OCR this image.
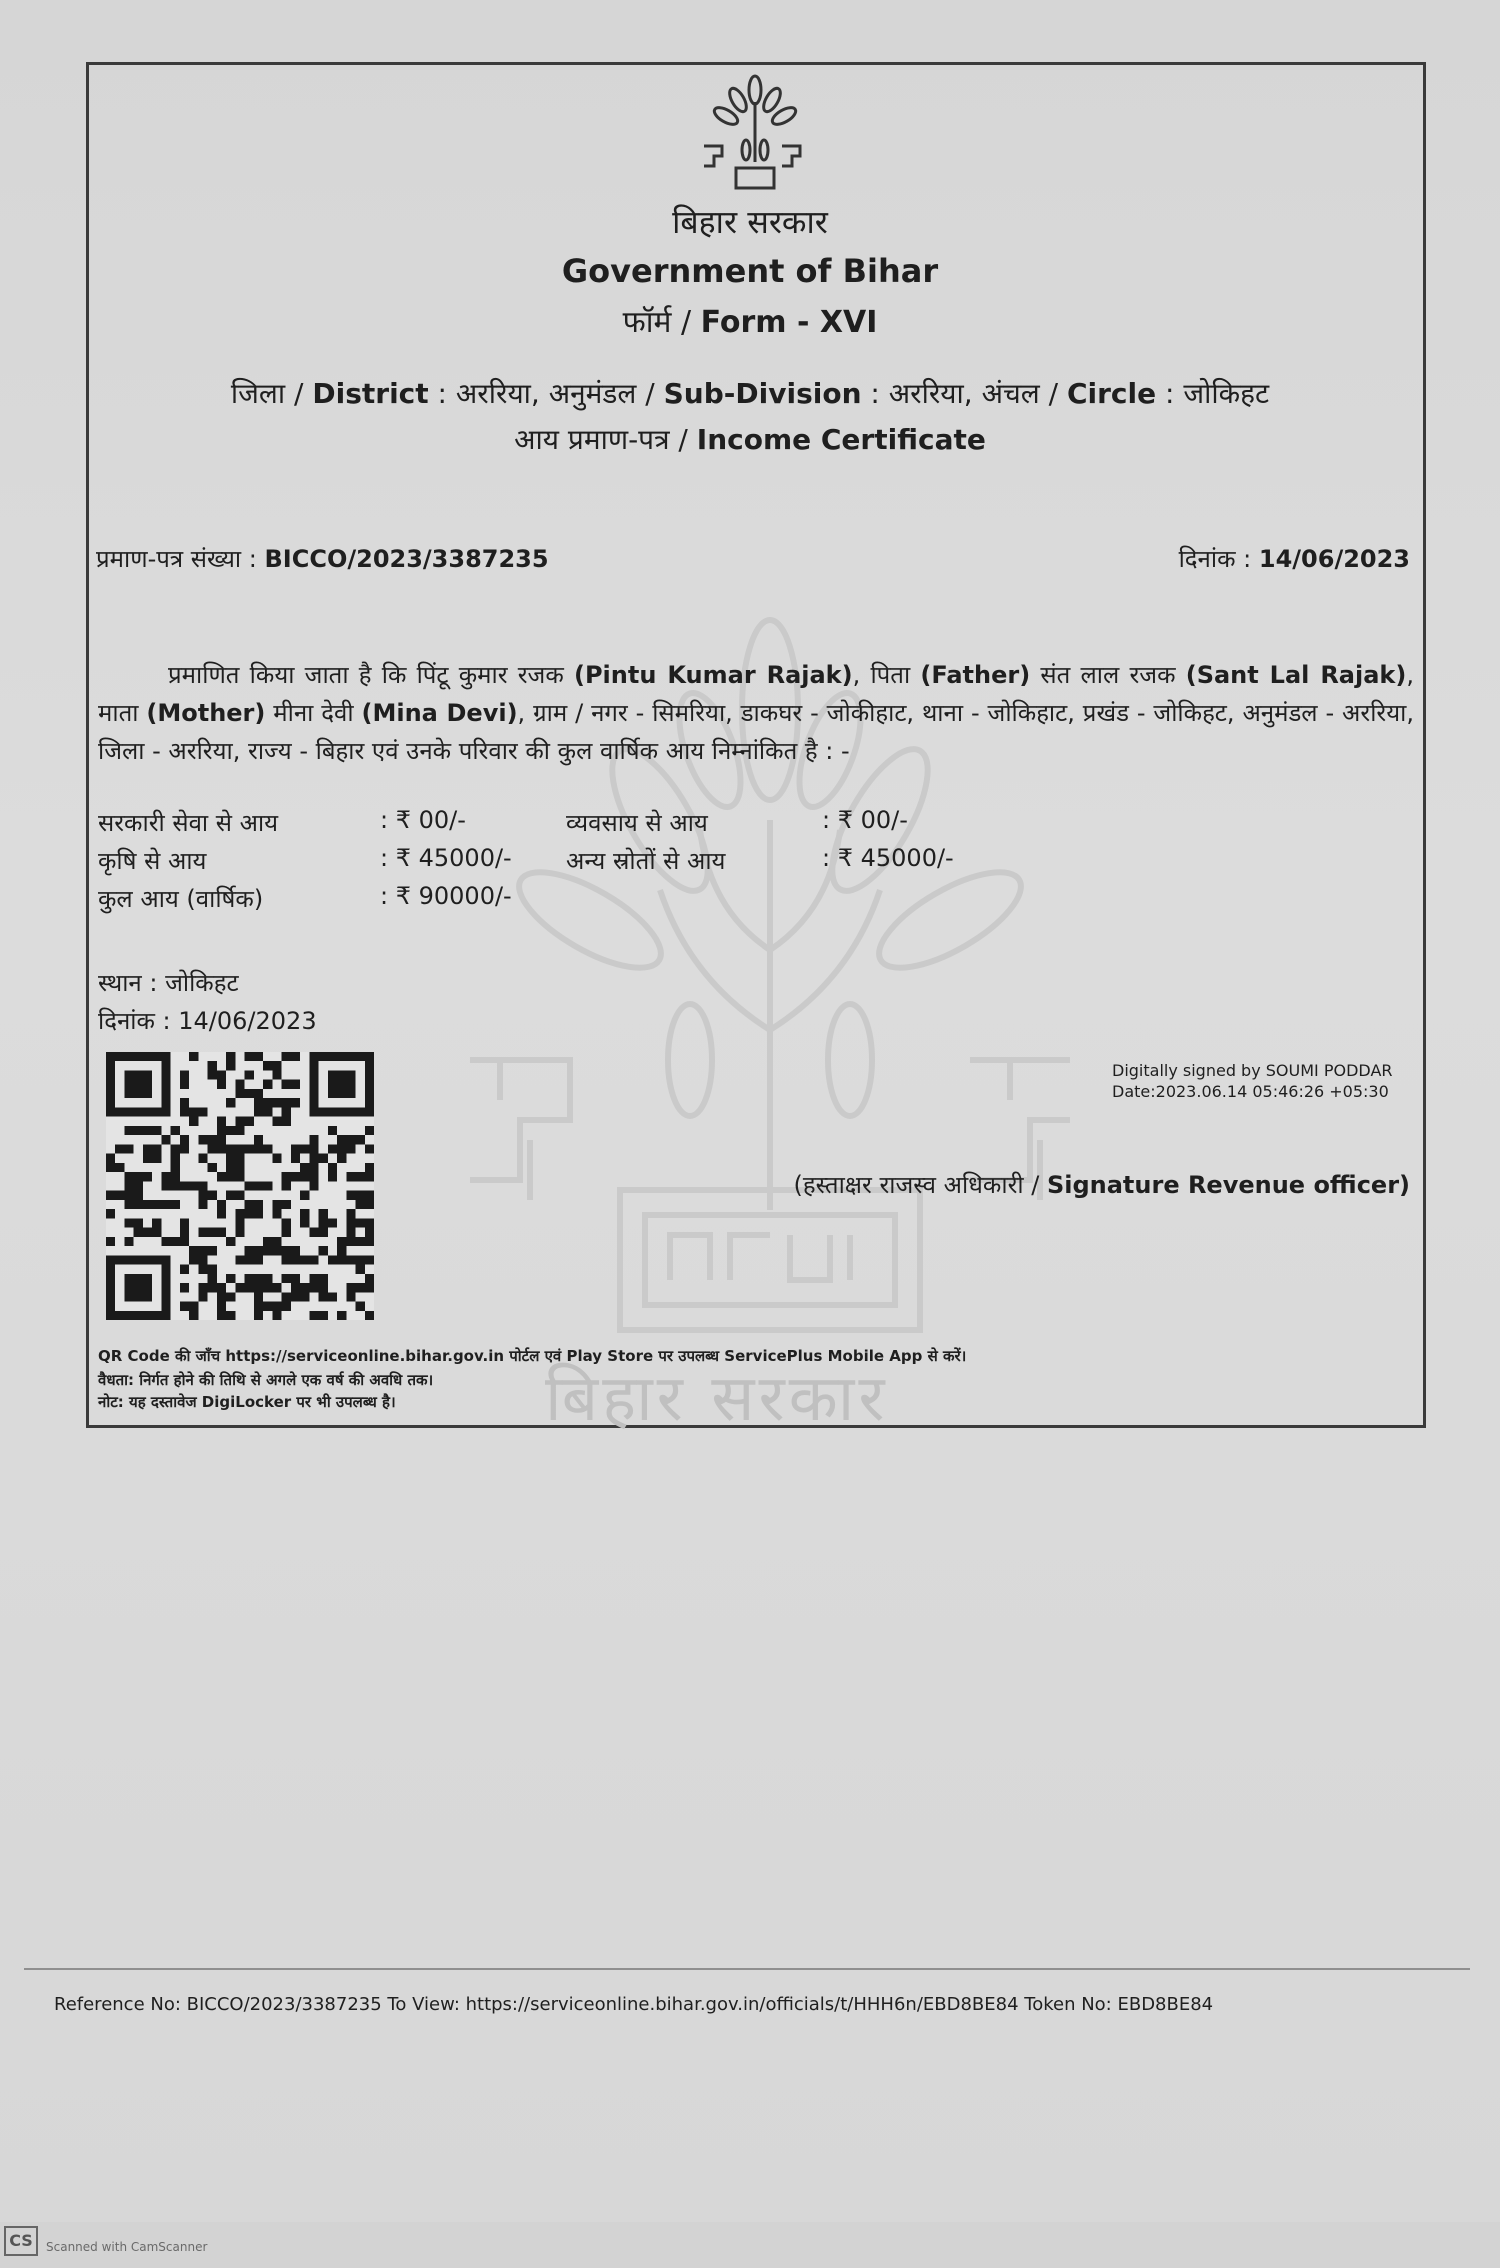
बिहार सरकार
बिहार सरकार
Government of Bihar
फॉर्म / Form - XVI
जिला / District : अररिया, अनुमंडल / Sub-Division : अररिया, अंचल / Circle : जोकिहट
आय प्रमाण-पत्र / Income Certificate
प्रमाण-पत्र संख्या : BICCO/2023/3387235	दिनांक : 14/06/2023
प्रमाणित किया जाता है कि पिंटू कुमार रजक (Pintu Kumar Rajak), पिता (Father) संत लाल रजक (Sant Lal Rajak), माता (Mother) मीना देवी (Mina Devi), ग्राम / नगर - सिमरिया, डाकघर - जोकीहाट, थाना - जोकिहाट, प्रखंड - जोकिहट, अनुमंडल - अररिया, जिला - अररिया, राज्य - बिहार एवं उनके परिवार की कुल वार्षिक आय निम्नांकित है : -
सरकारी सेवा से आय	: ₹ 00/-	व्यवसाय से आय	: ₹ 00/-
कृषि से आय	: ₹ 45000/- अन्य स्रोतों से आय	: ₹ 45000/-
कुल आय (वार्षिक)	: ₹ 90000/-
स्थान : जोकिहट
दिनांक : 14/06/2023
Digitally signed by SOUMI PODDAR
Date:2023.06.14 05:46:26 +05:30
(हस्ताक्षर राजस्व अधिकारी / Signature Revenue officer)
QR Code की जाँच https://serviceonline.bihar.gov.in पोर्टल एवं Play Store पर उपलब्ध ServicePlus Mobile App से करें।
वैधता: निर्गत होने की तिथि से अगले एक वर्ष की अवधि तक।
नोट: यह दस्तावेज DigiLocker पर भी उपलब्ध है।
Reference No: BICCO/2023/3387235 To View: https://serviceonline.bihar.gov.in/officials/t/HHH6n/EBD8BE84 Token No: EBD8BE84
CS	Scanned with CamScanner
